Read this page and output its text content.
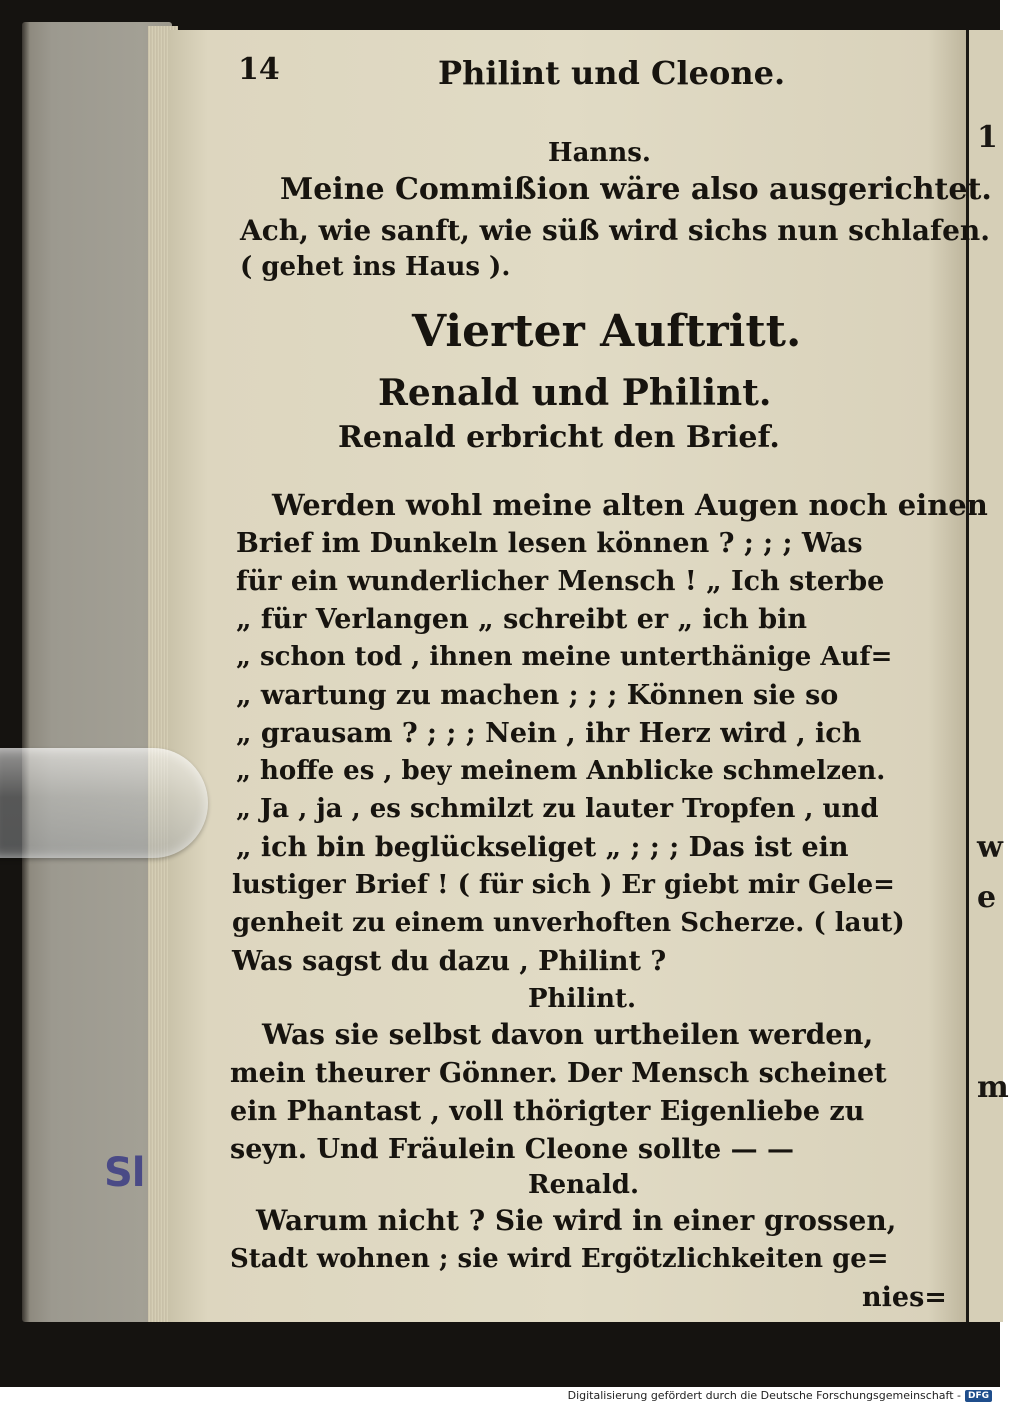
Sl
1
w
e
m
14	Philint und Cleone.
Hanns.
Meine Commißion wäre also ausgerichtet.
Ach, wie sanft, wie süß wird sichs nun schlafen.
( gehet ins Haus ).
Vierter Auftritt.
Renald und Philint.
Renald erbricht den Brief.
Werden wohl meine alten Augen noch einen
Brief im Dunkeln lesen können ? ; ; ; Was
für ein wunderlicher Mensch ! „ Ich sterbe
„ für Verlangen „ schreibt er „ ich bin
„ schon tod , ihnen meine unterthänige Auf=
„ wartung zu machen ; ; ; Können sie so
„ grausam ? ; ; ; Nein , ihr Herz wird , ich
„ hoffe es , bey meinem Anblicke schmelzen.
„ Ja , ja , es schmilzt zu lauter Tropfen , und
„ ich bin beglückseliget „ ; ; ; Das ist ein
lustiger Brief ! ( für sich ) Er giebt mir Gele=
genheit zu einem unverhoften Scherze. ( laut)
Was sagst du dazu , Philint ?
Philint.
Was sie selbst davon urtheilen werden,
mein theurer Gönner. Der Mensch scheinet
ein Phantast , voll thörigter Eigenliebe zu
seyn. Und Fräulein Cleone sollte — —
Renald.
Warum nicht ? Sie wird in einer grossen,
Stadt wohnen ; sie wird Ergötzlichkeiten ge=
nies=
Digitalisierung gefördert durch die Deutsche Forschungsgemeinschaft - DFG
